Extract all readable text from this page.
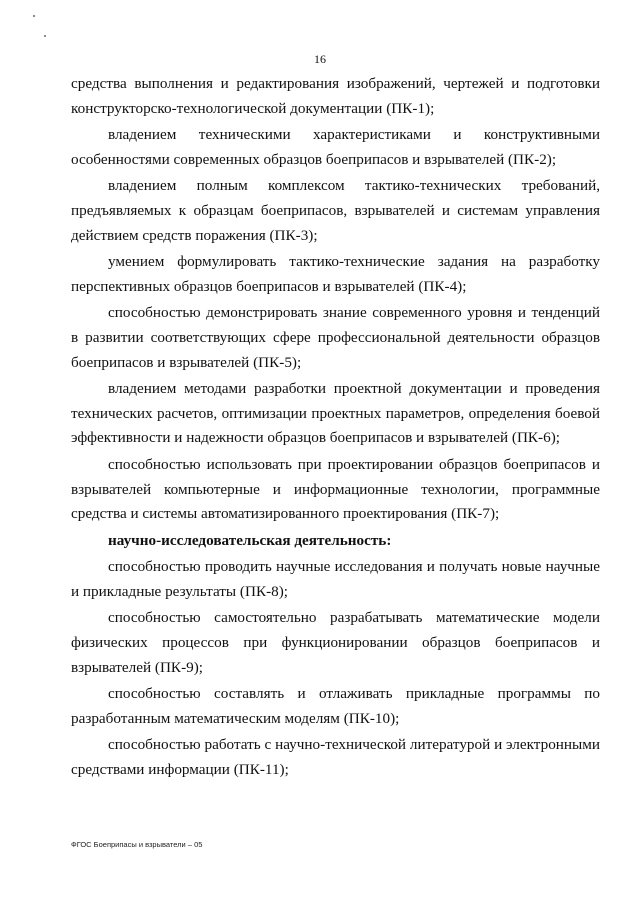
16

средства выполнения и редактирования изображений, чертежей и подготовки конструкторско-технологической документации (ПК-1);

владением техническими характеристиками и конструктивными особенностями современных образцов боеприпасов и взрывателей (ПК-2);

владением полным комплексом тактико-технических требований, предъявляемых к образцам боеприпасов, взрывателей и системам управления действием средств поражения (ПК-3);

умением формулировать тактико-технические задания на разработку перспективных образцов боеприпасов и взрывателей (ПК-4);

способностью демонстрировать знание современного уровня и тенденций в развитии соответствующих сфере профессиональной деятельности образцов боеприпасов и взрывателей (ПК-5);

владением методами разработки проектной документации и проведения технических расчетов, оптимизации проектных параметров, определения боевой эффективности и надежности образцов боеприпасов и взрывателей (ПК-6);

способностью использовать при проектировании образцов боеприпасов и взрывателей компьютерные и информационные технологии, программные средства и системы автоматизированного проектирования (ПК-7);

научно-исследовательская деятельность:

способностью проводить научные исследования и получать новые научные и прикладные результаты (ПК-8);

способностью самостоятельно разрабатывать математические модели физических процессов при функционировании образцов боеприпасов и взрывателей (ПК-9);

способностью составлять и отлаживать прикладные программы по разработанным математическим моделям (ПК-10);

способностью работать с научно-технической литературой и электронными средствами информации (ПК-11);

ФГОС Боеприпасы и взрыватели – 05
